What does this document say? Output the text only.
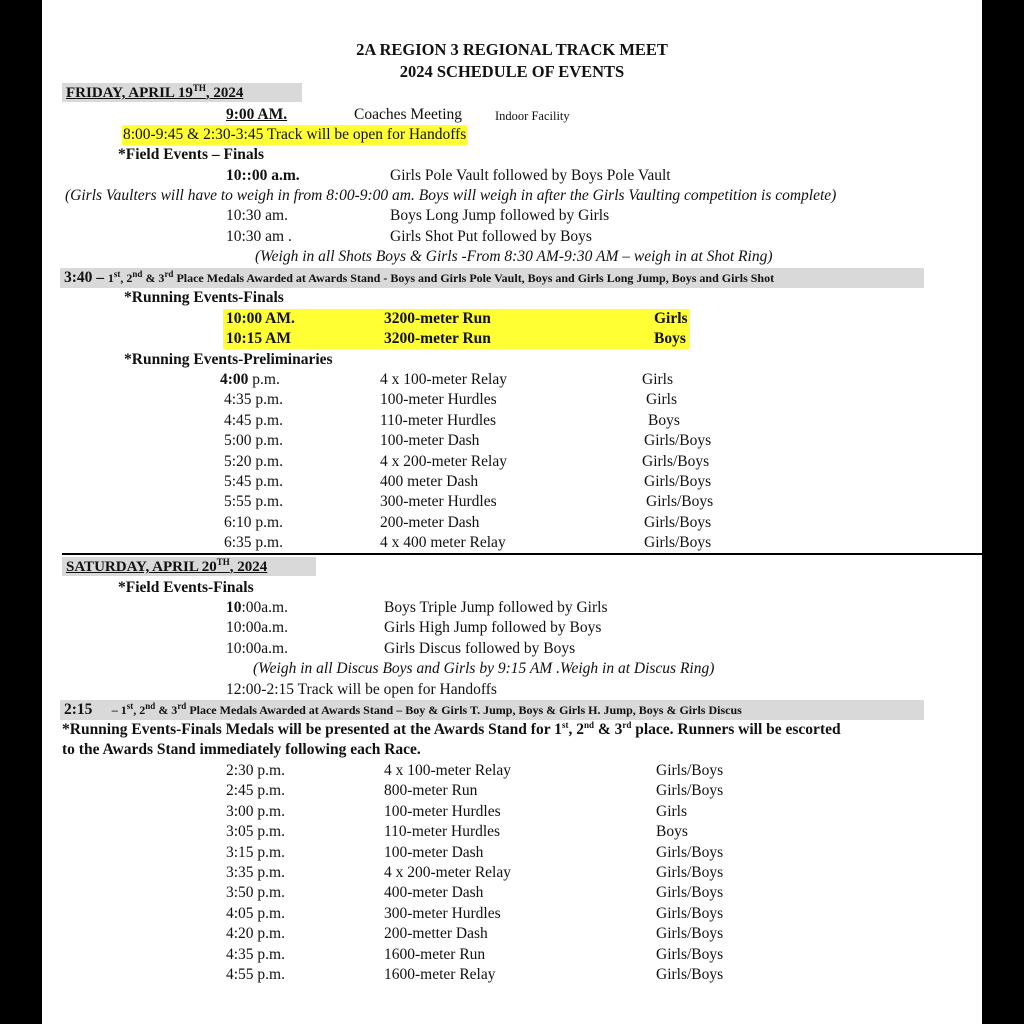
2A REGION 3 REGIONAL TRACK MEET
2024 SCHEDULE OF EVENTS
FRIDAY, APRIL 19TH, 2024
9:00 AM.	Coaches Meeting	Indoor Facility
8:00-9:45 & 2:30-3:45 Track will be open for Handoffs
*Field Events – Finals
10::00 a.m.	Girls Pole Vault followed by Boys Pole Vault
(Girls Vaulters will have to weigh in from 8:00-9:00 am. Boys will weigh in after the Girls Vaulting competition is complete)
10:30 am.	Boys Long Jump followed by Girls
10:30 am .	Girls Shot Put followed by Boys
(Weigh in all Shots Boys & Girls -From 8:30 AM-9:30 AM – weigh in at Shot Ring)
3:40 – 1st, 2nd & 3rd Place Medals Awarded at Awards Stand - Boys and Girls Pole Vault, Boys and Girls Long Jump, Boys and Girls Shot
*Running Events-Finals
10:00 AM.	3200-meter Run	Girls
10:15 AM	3200-meter Run	Boys
*Running Events-Preliminaries
4:00 p.m.	4 x 100-meter Relay	Girls
4:35 p.m.	100-meter Hurdles	Girls
4:45 p.m.	110-meter Hurdles	Boys
5:00 p.m.	100-meter Dash	Girls/Boys
5:20 p.m.	4 x 200-meter Relay	Girls/Boys
5:45 p.m.	400 meter Dash	Girls/Boys
5:55 p.m.	300-meter Hurdles	Girls/Boys
6:10 p.m.	200-meter Dash	Girls/Boys
6:35 p.m.	4 x 400 meter Relay	Girls/Boys
SATURDAY, APRIL 20TH, 2024
*Field Events-Finals
10:00a.m.	Boys Triple Jump followed by Girls
10:00a.m.	Girls High Jump followed by Boys
10:00a.m.	Girls Discus followed by Boys
(Weigh in all Discus Boys and Girls by 9:15 AM .Weigh in at Discus Ring)
12:00-2:15 Track will be open for Handoffs
2:15 – 1st, 2nd & 3rd Place Medals Awarded at Awards Stand – Boy & Girls T. Jump, Boys & Girls H. Jump, Boys & Girls Discus
*Running Events-Finals Medals will be presented at the Awards Stand for 1st, 2nd & 3rd place. Runners will be escorted
to the Awards Stand immediately following each Race.
2:30 p.m.	4 x 100-meter Relay	Girls/Boys
2:45 p.m.	800-meter Run	Girls/Boys
3:00 p.m.	100-meter Hurdles	Girls
3:05 p.m.	110-meter Hurdles	Boys
3:15 p.m.	100-meter Dash	Girls/Boys
3:35 p.m.	4 x 200-meter Relay	Girls/Boys
3:50 p.m.	400-meter Dash	Girls/Boys
4:05 p.m.	300-meter Hurdles	Girls/Boys
4:20 p.m.	200-metter Dash	Girls/Boys
4:35 p.m.	1600-meter Run	Girls/Boys
4:55 p.m.	1600-meter Relay	Girls/Boys
